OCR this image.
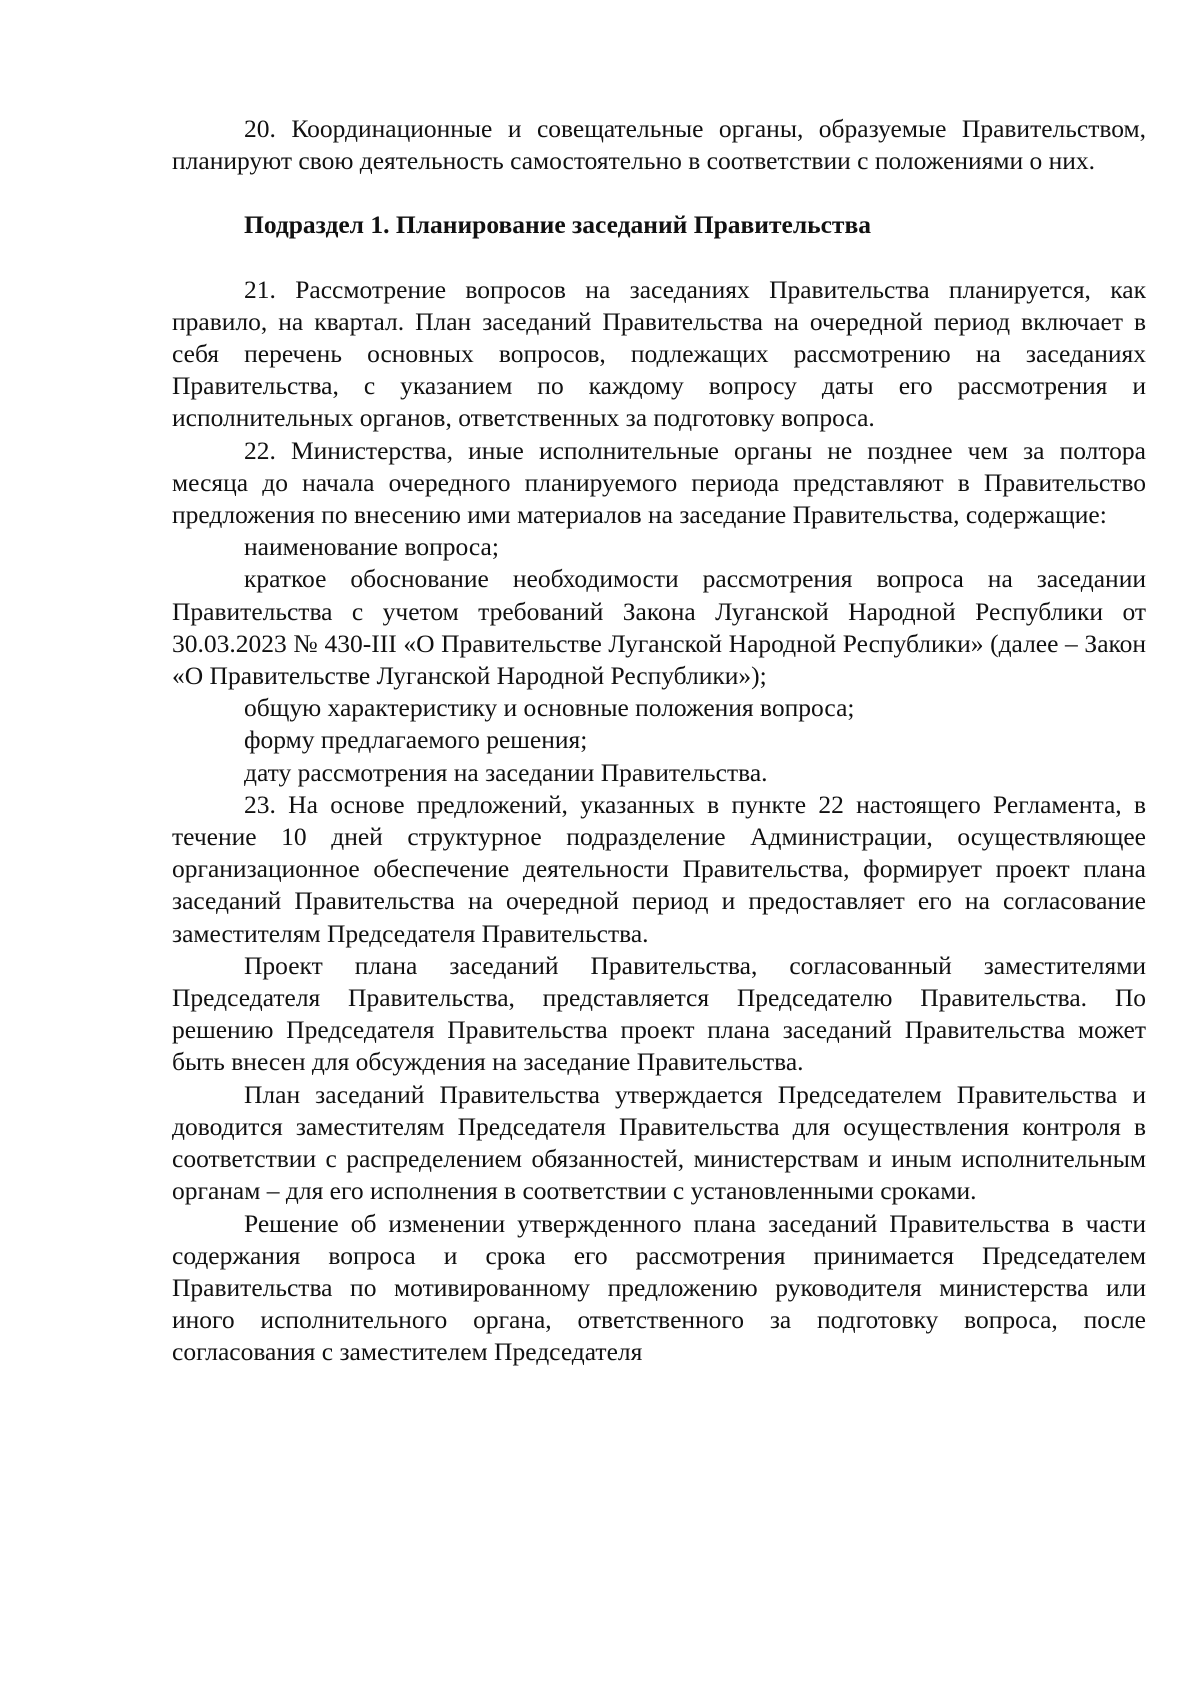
20. Координационные и совещательные органы, образуемые Правительством, планируют свою деятельность самостоятельно в соответствии с положениями о них.

Подраздел 1. Планирование заседаний Правительства

21. Рассмотрение вопросов на заседаниях Правительства планируется, как правило, на квартал. План заседаний Правительства на очередной период включает в себя перечень основных вопросов, подлежащих рассмотрению на заседаниях Правительства, с указанием по каждому вопросу даты его рассмотрения и исполнительных органов, ответственных за подготовку вопроса.

22. Министерства, иные исполнительные органы не позднее чем за полтора месяца до начала очередного планируемого периода представляют в Правительство предложения по внесению ими материалов на заседание Правительства, содержащие:

наименование вопроса;

краткое обоснование необходимости рассмотрения вопроса на заседании Правительства с учетом требований Закона Луганской Народной Республики от 30.03.2023 № 430-III «О Правительстве Луганской Народной Республики» (далее – Закон «О Правительстве Луганской Народной Республики»);

общую характеристику и основные положения вопроса;

форму предлагаемого решения;

дату рассмотрения на заседании Правительства.

23. На основе предложений, указанных в пункте 22 настоящего Регламента, в течение 10 дней структурное подразделение Администрации, осуществляющее организационное обеспечение деятельности Правительства, формирует проект плана заседаний Правительства на очередной период и предоставляет его на согласование заместителям Председателя Правительства.

Проект плана заседаний Правительства, согласованный заместителями Председателя Правительства, представляется Председателю Правительства. По решению Председателя Правительства проект плана заседаний Правительства может быть внесен для обсуждения на заседание Правительства.

План заседаний Правительства утверждается Председателем Правительства и доводится заместителям Председателя Правительства для осуществления контроля в соответствии с распределением обязанностей, министерствам и иным исполнительным органам – для его исполнения в соответствии с установленными сроками.

Решение об изменении утвержденного плана заседаний Правительства в части содержания вопроса и срока его рассмотрения принимается Председателем Правительства по мотивированному предложению руководителя министерства или иного исполнительного органа, ответственного за подготовку вопроса, после согласования с заместителем Председателя
